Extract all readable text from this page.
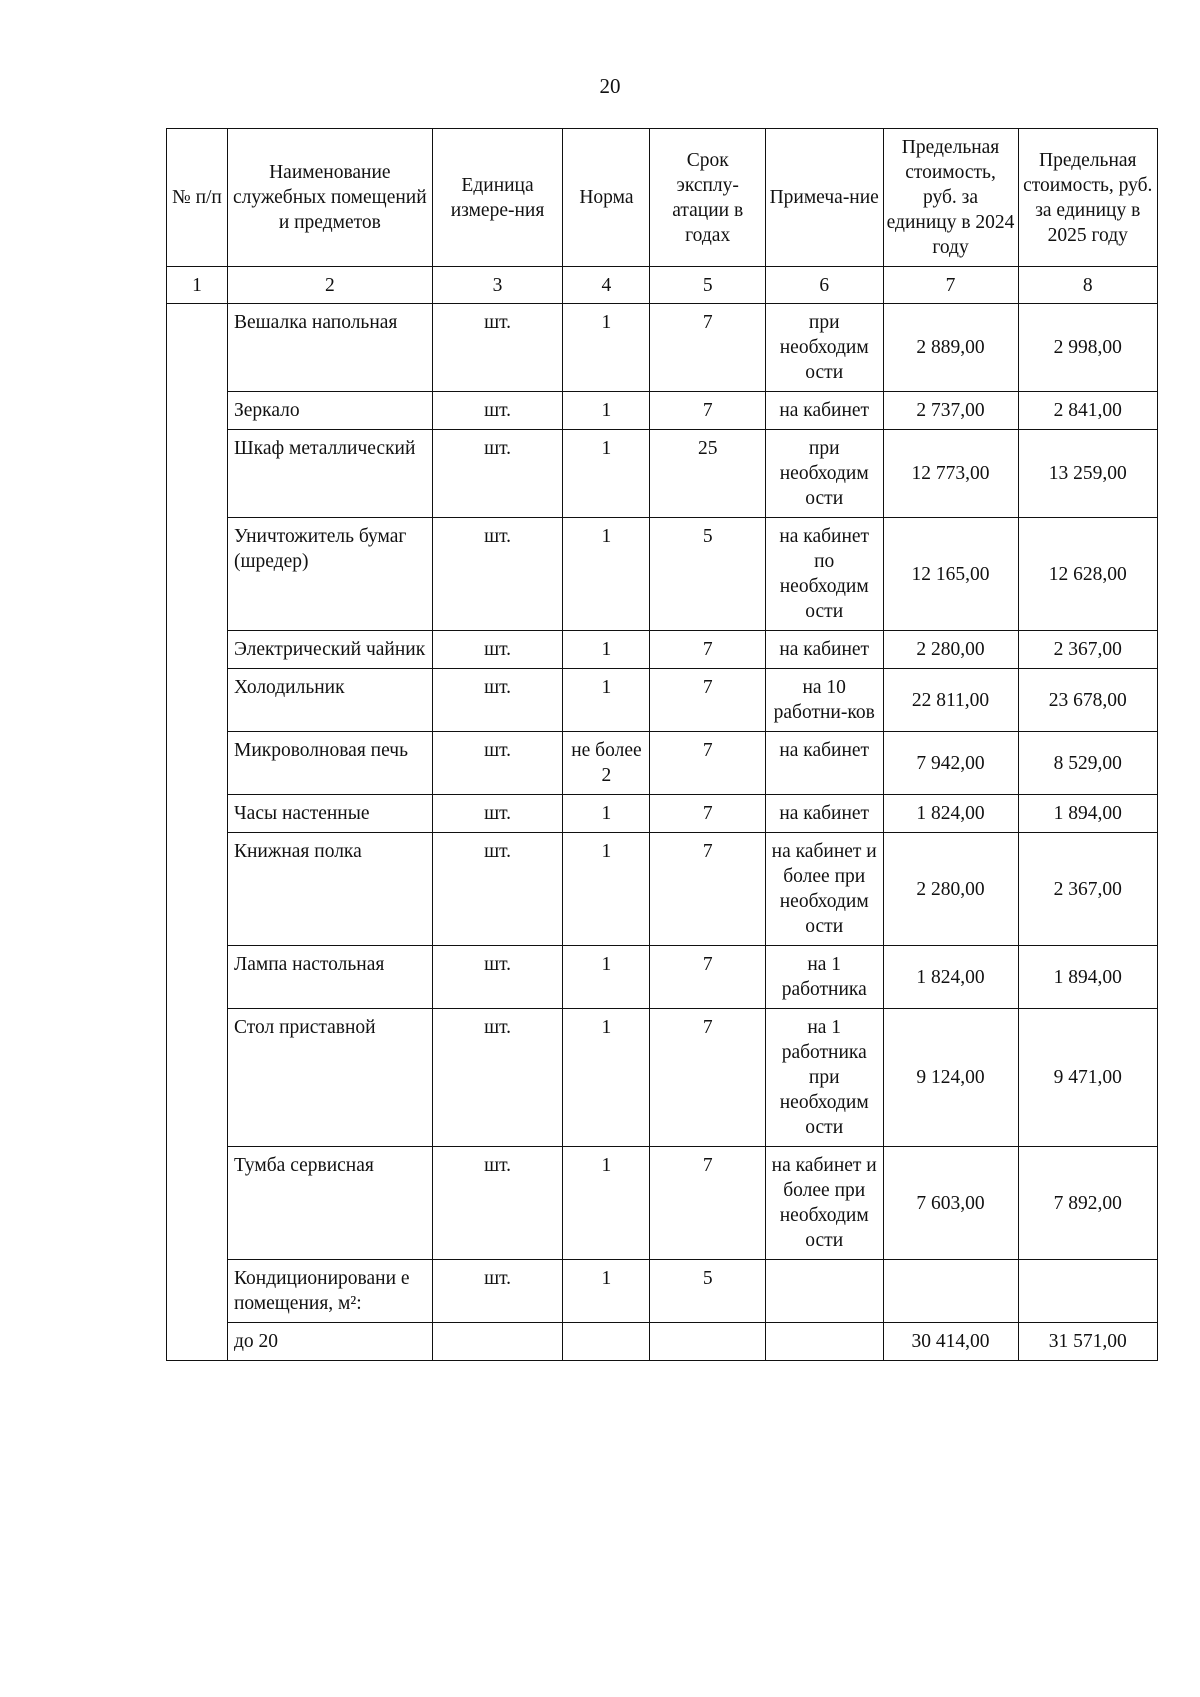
20
№ п/п	Наименование служебных помещений и предметов	Единица измере-ния	Норма	Срок эксплу-атации в годах	Примеча-ние	Предельная стоимость, руб. за единицу в 2024 году	Предельная стоимость, руб. за единицу в 2025 году
1	2	3	4	5	6	7	8
	Вешалка напольная	шт.	1	7	при необходим ости	2 889,00	2 998,00
	Зеркало	шт.	1	7	на кабинет	2 737,00	2 841,00
	Шкаф металлический	шт.	1	25	при необходим ости	12 773,00	13 259,00
	Уничтожитель бумаг (шредер)	шт.	1	5	на кабинет по необходим ости	12 165,00	12 628,00
	Электрический чайник	шт.	1	7	на кабинет	2 280,00	2 367,00
	Холодильник	шт.	1	7	на 10 работни-ков	22 811,00	23 678,00
	Микроволновая печь	шт.	не более 2	7	на кабинет	7 942,00	8 529,00
	Часы настенные	шт.	1	7	на кабинет	1 824,00	1 894,00
	Книжная полка	шт.	1	7	на кабинет и более при необходим ости	2 280,00	2 367,00
	Лампа настольная	шт.	1	7	на 1 работника	1 824,00	1 894,00
	Стол приставной	шт.	1	7	на 1 работника при необходим ости	9 124,00	9 471,00
	Тумба сервисная	шт.	1	7	на кабинет и более при необходим ости	7 603,00	7 892,00
	Кондиционировани е помещения, м²:	шт.	1	5			
	до 20					30 414,00	31 571,00
